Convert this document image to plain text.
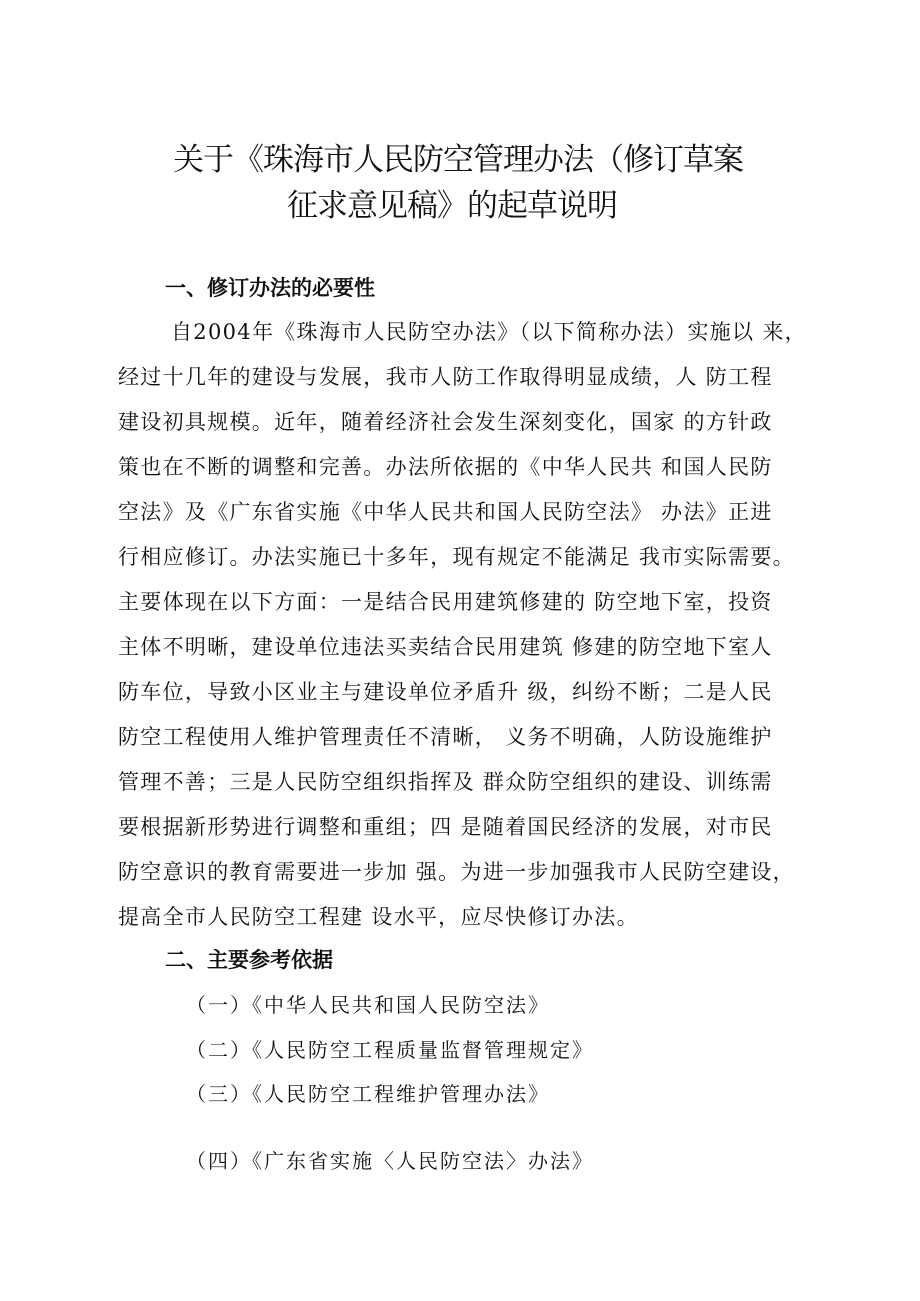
关于《珠海市人民防空管理办法（修订草案
征求意见稿》的起草说明
一、修订办法的必要性

自2004年《珠海市人民防空办法》（以下简称办法）实施以 来，

经过十几年的建设与发展，我市人防工作取得明显成绩，人 防工程

建设初具规模。近年，随着经济社会发生深刻变化，国家 的方针政

策也在不断的调整和完善。办法所依据的《中华人民共 和国人民防

空法》及《广东省实施《中华人民共和国人民防空法》 办法》正进

行相应修订。办法实施已十多年，现有规定不能满足 我市实际需要。

主要体现在以下方面：一是结合民用建筑修建的 防空地下室，投资

主体不明晰，建设单位违法买卖结合民用建筑 修建的防空地下室人

防车位，导致小区业主与建设单位矛盾升 级，纠纷不断；二是人民

防空工程使用人维护管理责任不清晰， 义务不明确，人防设施维护

管理不善；三是人民防空组织指挥及 群众防空组织的建设、训练需

要根据新形势进行调整和重组；四 是随着国民经济的发展，对市民

防空意识的教育需要进一步加 强。为进一步加强我市人民防空建设，

提高全市人民防空工程建 设水平，应尽快修订办法。

二、主要参考依据

（一）《中华人民共和国人民防空法》

（二）《人民防空工程质量监督管理规定》

（三）《人民防空工程维护管理办法》

（四）《广东省实施〈人民防空法〉办法》
